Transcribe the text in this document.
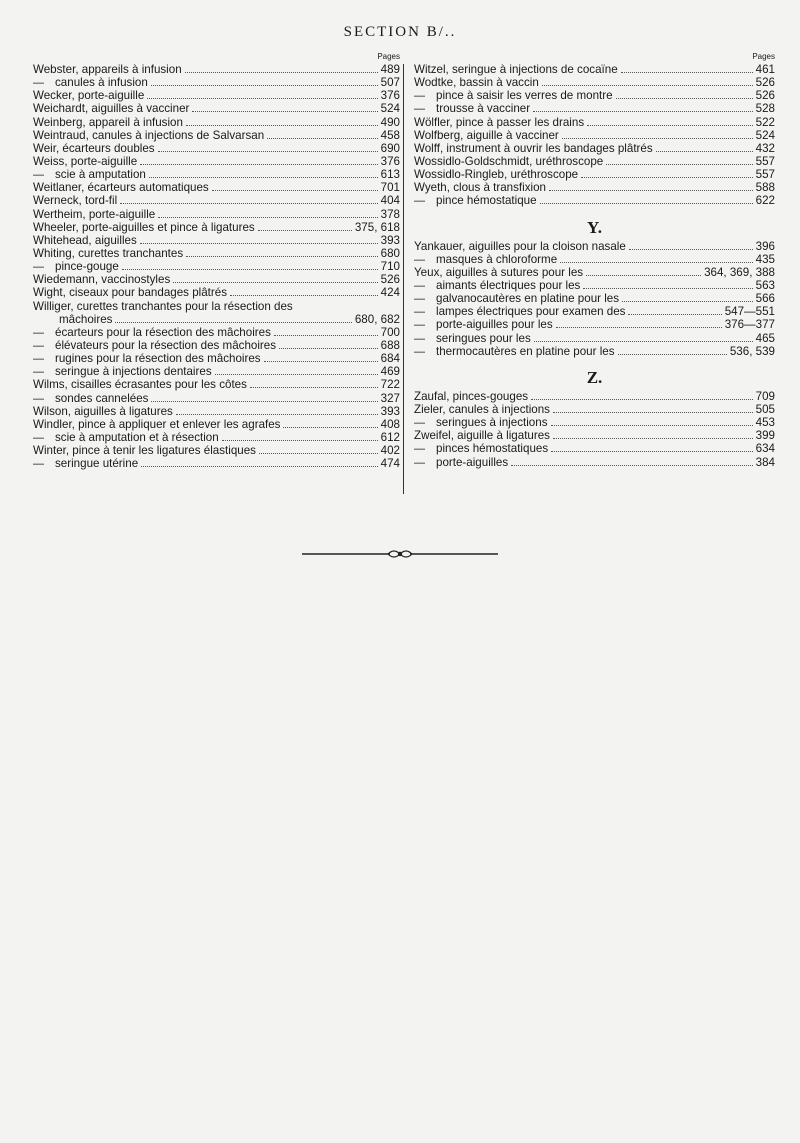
SECTION B/..
Pages
Webster, appareils à infusion	489
— canules à infusion	507
Wecker, porte-aiguille	376
Weichardt, aiguilles à vacciner	524
Weinberg, appareil à infusion	490
Weintraud, canules à injections de Salvarsan	458
Weir, écarteurs doubles	690
Weiss, porte-aiguille	376
— scie à amputation	613
Weitlaner, écarteurs automatiques	701
Werneck, tord-fil	404
Wertheim, porte-aiguille	378
Wheeler, porte-aiguilles et pince à ligatures	375, 618
Whitehead, aiguilles	393
Whiting, curettes tranchantes	680
— pince-gouge	710
Wiedemann, vaccinostyles	526
Wight, ciseaux pour bandages plâtrés	424
Williger, curettes tranchantes pour la résection des
mâchoires	680, 682
— écarteurs pour la résection des mâchoires	700
— élévateurs pour la résection des mâchoires	688
— rugines pour la résection des mâchoires	684
— seringue à injections dentaires	469
Wilms, cisailles écrasantes pour les côtes	722
— sondes cannelées	327
Wilson, aiguilles à ligatures	393
Windler, pince à appliquer et enlever les agrafes	408
— scie à amputation et à résection	612
Winter, pince à tenir les ligatures élastiques	402
— seringue utérine	474
Pages
Witzel, seringue à injections de cocaïne	461
Wodtke, bassin à vaccin	526
— pince à saisir les verres de montre	526
— trousse à vacciner	528
Wölfler, pince à passer les drains	522
Wolfberg, aiguille à vacciner	524
Wolff, instrument à ouvrir les bandages plâtrés	432
Wossidlo-Goldschmidt, uréthroscope	557
Wossidlo-Ringleb, uréthroscope	557
Wyeth, clous à transfixion	588
— pince hémostatique	622
Y.
Yankauer, aiguilles pour la cloison nasale	396
— masques à chloroforme	435
Yeux, aiguilles à sutures pour les	364, 369, 388
— aimants électriques pour les	563
— galvanocautères en platine pour les	566
— lampes électriques pour examen des	547—551
— porte-aiguilles pour les	376—377
— seringues pour les	465
— thermocautères en platine pour les	536, 539
Z.
Zaufal, pinces-gouges	709
Zieler, canules à injections	505
— seringues à injections	453
Zweifel, aiguille à ligatures	399
— pinces hémostatiques	634
— porte-aiguilles	384
